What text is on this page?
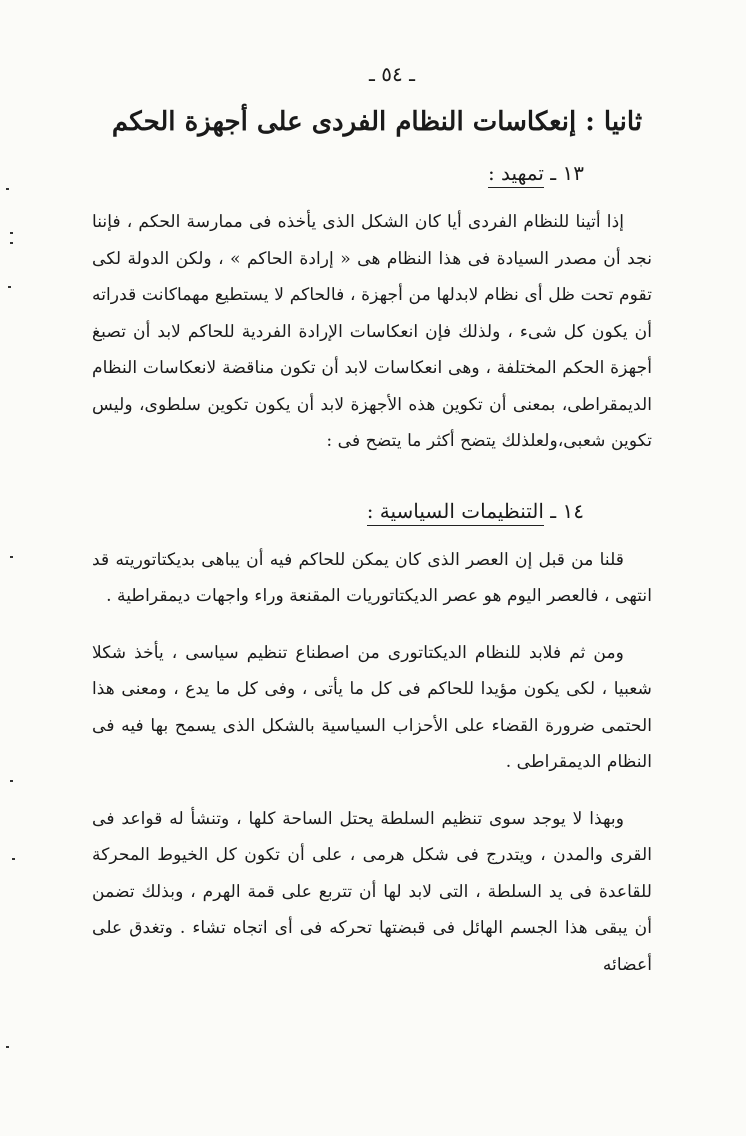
ـ ٥٤ ـ
ثانيا : إنعكاسات النظام الفردى على أجهزة الحكم
١٣ ـ تمهيد :

إذا أتينا للنظام الفردى أيا كان الشكل الذى يأخذه فى ممارسة الحكم ، فإننا نجد أن مصدر السيادة فى هذا النظام هى « إرادة الحاكم » ، ولكن الدولة لكى تقوم تحت ظل أى نظام لابدلها من أجهزة ، فالحاكم لا يستطيع مهماكانت قدراته أن يكون كل شىء ، ولذلك فإن انعكاسات الإرادة الفردية للحاكم لابد أن تصبغ أجهزة الحكم المختلفة ، وهى انعكاسات لابد أن تكون مناقضة لانعكاسات النظام الديمقراطى، بمعنى أن تكوين هذه الأجهزة لابد أن يكون تكوين سلطوى، وليس تكوين شعبى،ولعلذلك يتضح أكثر ما يتضح فى :

١٤ ـ التنظيمات السياسية :

قلنا من قبل إن العصر الذى كان يمكن للحاكم فيه أن يباهى بديكتاتوريته قد انتهى ، فالعصر اليوم هو عصر الديكتاتوريات المقنعة وراء واجهات ديمقراطية .

ومن ثم فلابد للنظام الديكتاتورى من اصطناع تنظيم سياسى ، يأخذ شكلا شعبيا ، لكى يكون مؤيدا للحاكم فى كل ما يأتى ، وفى كل ما يدع ، ومعنى هذا الحتمى ضرورة القضاء على الأحزاب السياسية بالشكل الذى يسمح بها فيه فى النظام الديمقراطى .

وبهذا لا يوجد سوى تنظيم السلطة يحتل الساحة كلها ، وتنشأ له قواعد فى القرى والمدن ، ويتدرج فى شكل هرمى ، على أن تكون كل الخيوط المحركة للقاعدة فى يد السلطة ، التى لابد لها أن تتربع على قمة الهرم ، وبذلك تضمن أن يبقى هذا الجسم الهائل فى قبضتها تحركه فى أى اتجاه تشاء . وتغدق على أعضائه
